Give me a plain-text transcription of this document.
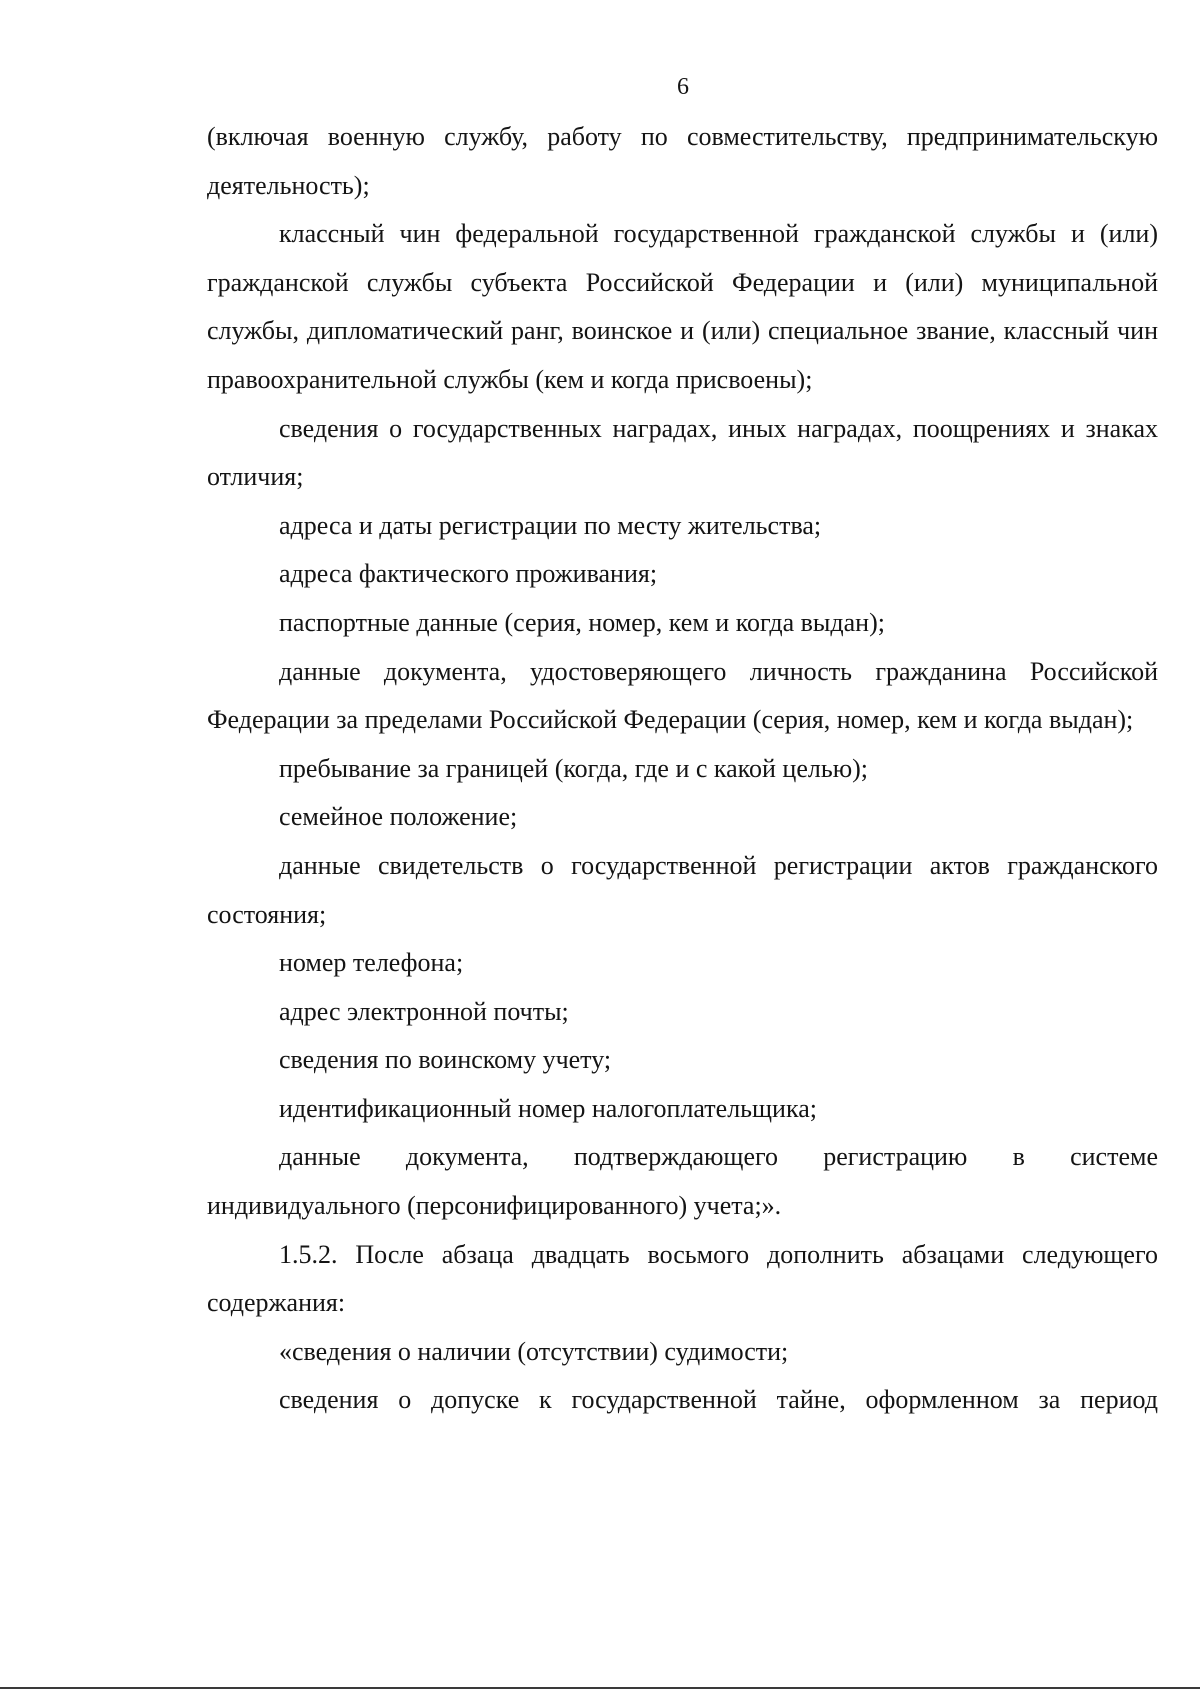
6

(включая военную службу, работу по совместительству, предпринимательскую деятельность);

классный чин федеральной государственной гражданской службы и (или) гражданской службы субъекта Российской Федерации и (или) муниципальной службы, дипломатический ранг, воинское и (или) специальное звание, классный чин правоохранительной службы (кем и когда присвоены);

сведения о государственных наградах, иных наградах, поощрениях и знаках отличия;

адреса и даты регистрации по месту жительства;

адреса фактического проживания;

паспортные данные (серия, номер, кем и когда выдан);

данные документа, удостоверяющего личность гражданина Российской Федерации за пределами Российской Федерации (серия, номер, кем и когда выдан);

пребывание за границей (когда, где и с какой целью);

семейное положение;

данные свидетельств о государственной регистрации актов гражданского состояния;

номер телефона;

адрес электронной почты;

сведения по воинскому учету;

идентификационный номер налогоплательщика;

данные документа, подтверждающего регистрацию в системе индивидуального (персонифицированного) учета;».

1.5.2. После абзаца двадцать восьмого дополнить абзацами следующего содержания:

«сведения о наличии (отсутствии) судимости;

сведения о допуске к государственной тайне, оформленном за период
